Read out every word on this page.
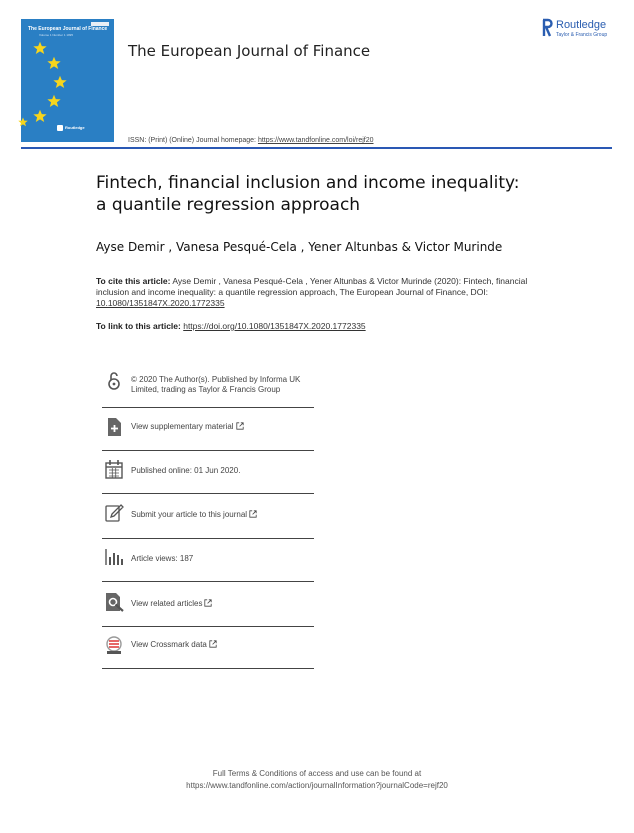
The European Journal of Finance
Volume 1 Number 1 1995
Routledge
The European Journal of Finance
ISSN: (Print) (Online) Journal homepage: https://www.tandfonline.com/loi/rejf20
Routledge
Taylor & Francis Group
Fintech, financial inclusion and income inequality:
a quantile regression approach
Ayse Demir , Vanesa Pesqué-Cela , Yener Altunbas & Victor Murinde
To cite this article: Ayse Demir , Vanesa Pesqué-Cela , Yener Altunbas & Victor Murinde (2020): Fintech, financial inclusion and income inequality: a quantile regression approach, The European Journal of Finance, DOI: 10.1080/1351847X.2020.1772335
To link to this article: https://doi.org/10.1080/1351847X.2020.1772335
© 2020 The Author(s). Published by Informa UK Limited, trading as Taylor & Francis Group
View supplementary material
Published online: 01 Jun 2020.
Submit your article to this journal
Article views: 187
View related articles
View Crossmark data
Full Terms & Conditions of access and use can be found at
https://www.tandfonline.com/action/journalInformation?journalCode=rejf20
